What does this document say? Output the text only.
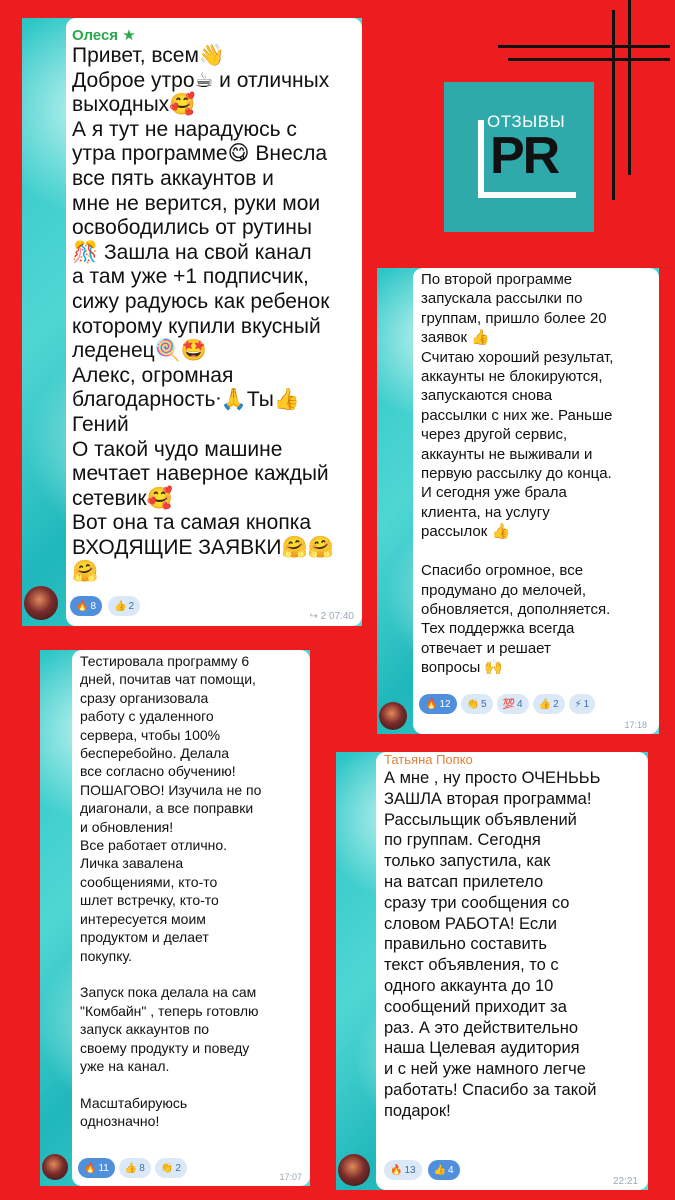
ОТЗЫВЫ
PR
Олеся ★
Привет, всем👋
Доброе утро☕ и отличных
выходных🥰
А я тут не нарадуюсь с
утра программе😋 Внесла
все пять аккаунтов и
мне не верится, руки мои
освободились от рутины
🎊 Зашла на свой канал
а там уже +1 подписчик,
сижу радуюсь как ребенок
которому купили вкусный
леденец🍭🤩
Алекс, огромная
благодарностьᐧ🙏Ты👍
Гений
О такой чудо машине
мечтает наверное каждый
сетевик🥰
Вот она та самая кнопка
ВХОДЯЩИЕ ЗАЯВКИ🤗🤗
🤗
🔥 8 👍 2
↪ 2 07:40
По второй программе
запускала рассылки по
группам, пришло более 20
заявок 👍
Считаю хороший результат,
аккаунты не блокируются,
запускаются снова
рассылки с них же. Раньше
через другой сервис,
аккаунты не выживали и
первую рассылку до конца.
И сегодня уже брала
клиента, на услугу
рассылок 👍

Спасибо огромное, все
продумано до мелочей,
обновляется, дополняется.
Тех поддержка всегда
отвечает и решает
вопросы 🙌
🔥 12 👏 5 💯 4 👍 2 ⚡ 1
17:18
Тестировала программу 6
дней, почитав чат помощи,
сразу организовала
работу с удаленного
сервера, чтобы 100%
бесперебойно. Делала
все согласно обучению!
ПОШАГОВО! Изучила не по
диагонали, а все поправки
и обновления!
Все работает отлично.
Личка завалена
сообщениями, кто-то
шлет встречку, кто-то
интересуется моим
продуктом и делает
покупку.

Запуск пока делала на сам
"Комбайн" , теперь готовлю
запуск аккаунтов по
своему продукту и поведу
уже на канал.

Масштабируюсь
однозначно!
🔥 11 👍 8 👏 2
17:07
Татьяна Попко
А мне , ну просто ОЧЕНЬЬЬ
ЗАШЛА вторая программа!
Рассыльщик объявлений
по группам. Сегодня
только запустила, как
на ватсап прилетело
сразу три сообщения со
словом РАБОТА! Если
правильно составить
текст объявления, то с
одного аккаунта до 10
сообщений приходит за
раз. А это действительно
наша Целевая аудитория
и с ней уже намного легче
работать! Спасибо за такой
подарок!
🔥 13 👍 4
22:21
